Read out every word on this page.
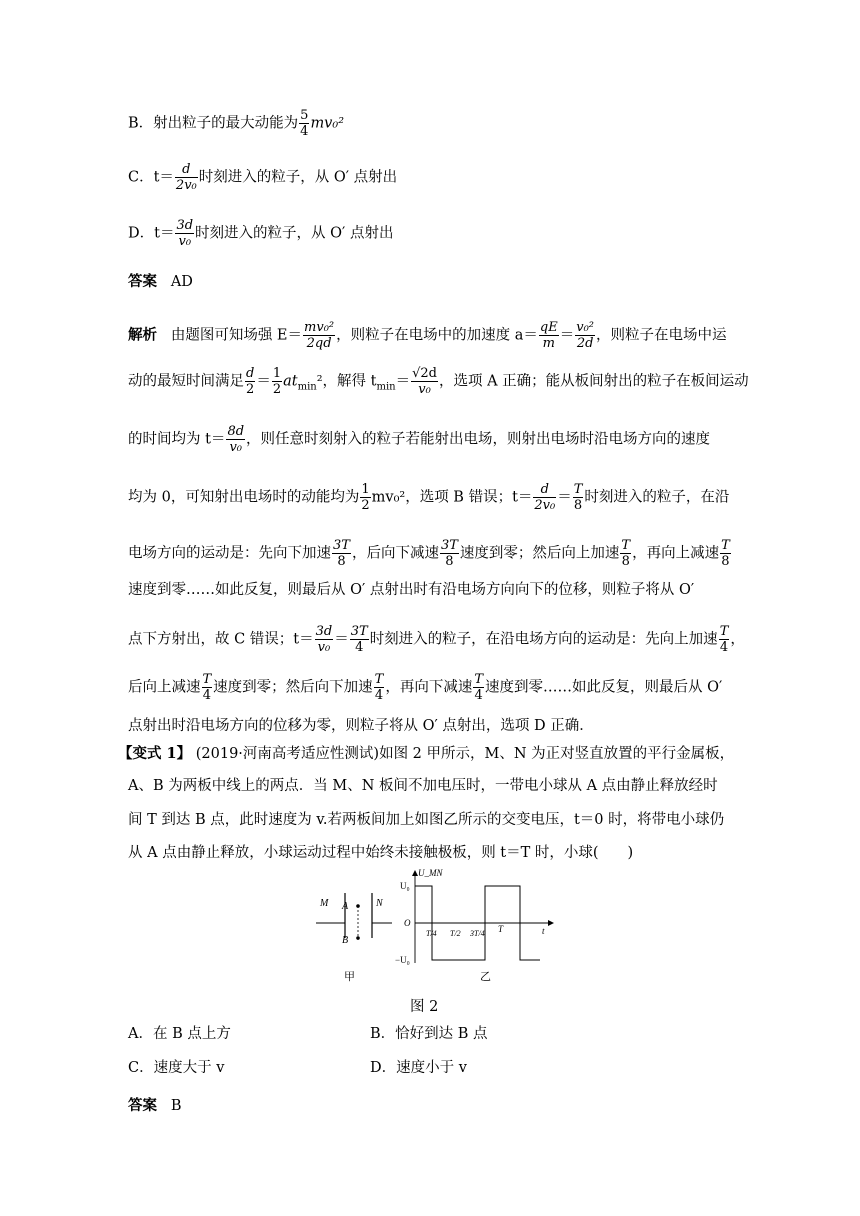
B．射出粒子的最大动能为 $\frac{5}{4} mv_0^2$
C．$t= \frac{d}{\text{2v₀}}$ 时刻进入的粒子，从 O′ 点射出
D．$t= \frac{3d}{\text{v₀}}$ 时刻进入的粒子，从 O′ 点射出
答案 AD
解析 由题图可知场强 $E= \frac{\text{mv₀²}}{2qd}$ ，则粒子在电场中的加速度 $a= \frac{qE}{m} = \frac{\text{v₀²}}{2d}$ ，则粒子在电场中运
动的最短时间满足 $\frac{d}{2} = \frac{1}{2} at_{min}^2$，解得 $t_{min}= \frac{√2d}{\text{v₀}}$ ，选项 A 正确；能从板间射出的粒子在板间运动
的时间均为 $t= \frac{8d}{\text{v₀}}$ ，则任意时刻射入的粒子若能射出电场，则射出电场时沿电场方向的速度
均为 0，可知射出电场时的动能均为 $\frac{1}{2} mv_0^2$，选项 B 错误；$t= \frac{d}{\text{2v₀}} = \frac{T}{8}$ 时刻进入的粒子，在沿
电场方向的运动是：先向下加速 $\frac{3T}{8}$ ，后向下减速 $\frac{3T}{8}$ 速度到零；然后向上加速 $\frac{T}{8}$ ，再向上减速 $\frac{T}{8}$
速度到零……如此反复，则最后从 O′ 点射出时有沿电场方向向下的位移，则粒子将从 O′
点下方射出，故 C 错误；$t= \frac{3d}{\text{v₀}} = \frac{3T}{4}$ 时刻进入的粒子，在沿电场方向的运动是：先向上加速 $\frac{T}{4}$ ，
后向上减速 $\frac{T}{4}$ 速度到零；然后向下加速 $\frac{T}{4}$ ，再向下减速 $\frac{T}{4}$ 速度到零……如此反复，则最后从 O′
点射出时沿电场方向的位移为零，则粒子将从 O′ 点射出，选项 D 正确．
【变式 1】 (2019·河南高考适应性测试)如图 2 甲所示，M、N 为正对竖直放置的平行金属板，
A、B 为两板中线上的两点．当 M、N 板间不加电压时，一带电小球从 A 点由静止释放经时
间 T 到达 B 点，此时速度为 v.若两板间加上如图乙所示的交变电压，t＝0 时，将带电小球仍
从 A 点由静止释放，小球运动过程中始终未接触极板，则 t＝T 时，小球(　　)
M	N
A
B
甲
U_MN
U₀
−U₀
O
t
T/4 T/2 3T/4 T
乙
图 2
A．在 B 点上方	B．恰好到达 B 点
C．速度大于 v	D．速度小于 v
答案 B
